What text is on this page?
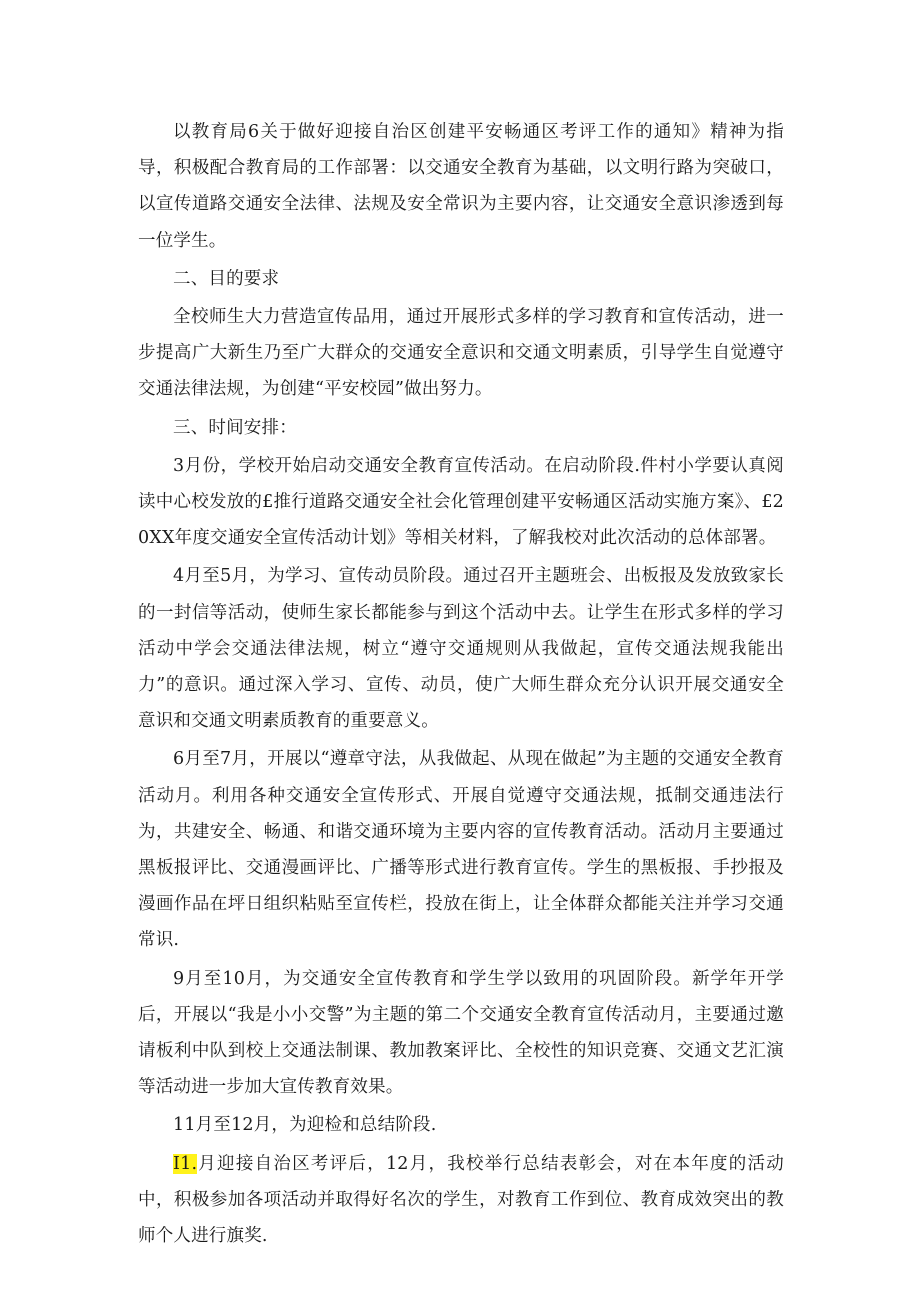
以教育局6关于做好迎接自治区创建平安畅通区考评工作的通知》精神为指导，积极配合教育局的工作部署：以交通安全教育为基础，以文明行路为突破口，以宣传道路交通安全法律、法规及安全常识为主要内容，让交通安全意识渗透到每一位学生。

二、目的要求

全校师生大力营造宣传品用，通过开展形式多样的学习教育和宣传活动，进一步提高广大新生乃至广大群众的交通安全意识和交通文明素质，引导学生自觉遵守交通法律法规，为创建“平安校园”做出努力。

三、时间安排：

3月份，学校开始启动交通安全教育宣传活动。在启动阶段.件村小学要认真阅读中心校发放的£推行道路交通安全社会化管理创建平安畅通区活动实施方案》、£20XX年度交通安全宣传活动计划》等相关材料，了解我校对此次活动的总体部署。

4月至5月，为学习、宣传动员阶段。通过召开主题班会、出板报及发放致家长的一封信等活动，使师生家长都能参与到这个活动中去。让学生在形式多样的学习活动中学会交通法律法规，树立“遵守交通规则从我做起，宣传交通法规我能出力”的意识。通过深入学习、宣传、动员，使广大师生群众充分认识开展交通安全意识和交通文明素质教育的重要意义。

6月至7月，开展以“遵章守法，从我做起、从现在做起”为主题的交通安全教育活动月。利用各种交通安全宣传形式、开展自觉遵守交通法规，抵制交通违法行为，共建安全、畅通、和谐交通环境为主要内容的宣传教育活动。活动月主要通过黑板报评比、交通漫画评比、广播等形式进行教育宣传。学生的黑板报、手抄报及漫画作品在坪日组织粘贴至宣传栏，投放在街上，让全体群众都能关注并学习交通常识.

9月至10月，为交通安全宣传教育和学生学以致用的巩固阶段。新学年开学后，开展以“我是小小交警”为主题的第二个交通安全教育宣传活动月，主要通过邀请板利中队到校上交通法制课、教加教案评比、全校性的知识竞赛、交通文艺汇演等活动进一步加大宣传教育效果。

11月至12月，为迎检和总结阶段.

I1.月迎接自治区考评后，12月，我校举行总结表彰会，对在本年度的活动中，积极参加各项活动并取得好名次的学生，对教育工作到位、教育成效突出的教师个人进行旗奖.
